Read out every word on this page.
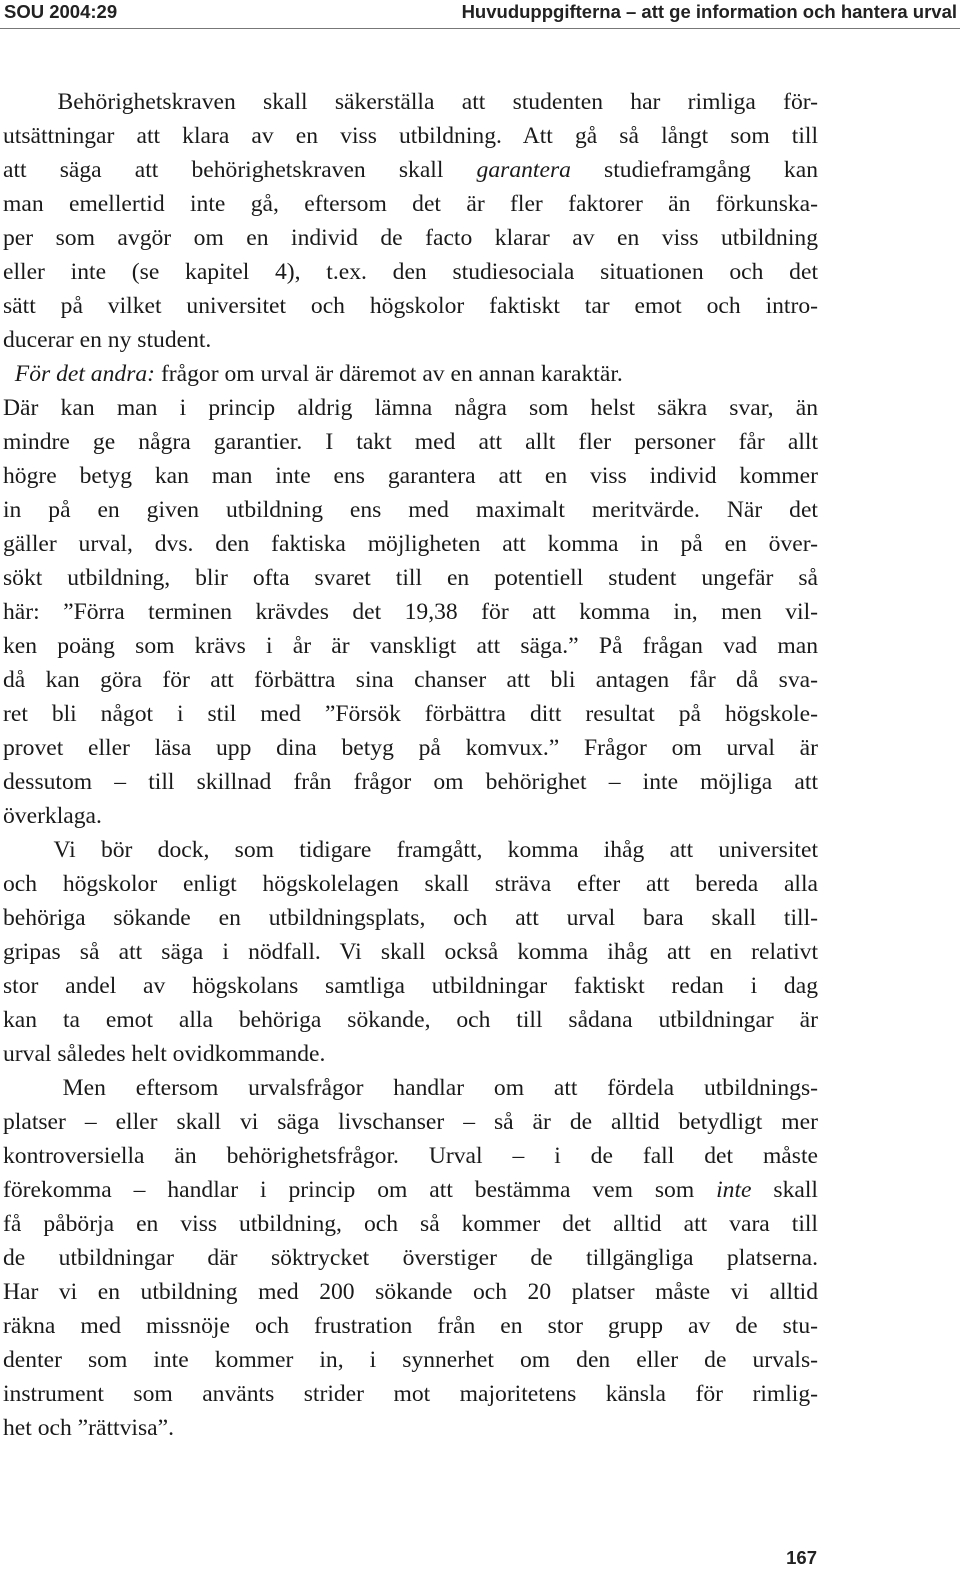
SOU 2004:29	Huvuduppgifterna – att ge information och hantera urval
Behörighetskraven skall säkerställa att studenten har rimliga för-
utsättningar att klara av en viss utbildning. Att gå så långt som till
att säga att behörighetskraven skall garantera studieframgång kan
man emellertid inte gå, eftersom det är fler faktorer än förkunska-
per som avgör om en individ de facto klarar av en viss utbildning
eller inte (se kapitel 4), t.ex. den studiesociala situationen och det
sätt på vilket universitet och högskolor faktiskt tar emot och intro-
ducerar en ny student.
För det andra: frågor om urval är däremot av en annan karaktär.
Där kan man i princip aldrig lämna några som helst säkra svar, än
mindre ge några garantier. I takt med att allt fler personer får allt
högre betyg kan man inte ens garantera att en viss individ kommer
in på en given utbildning ens med maximalt meritvärde. När det
gäller urval, dvs. den faktiska möjligheten att komma in på en över-
sökt utbildning, blir ofta svaret till en potentiell student ungefär så
här: ”Förra terminen krävdes det 19,38 för att komma in, men vil-
ken poäng som krävs i år är vanskligt att säga.” På frågan vad man
då kan göra för att förbättra sina chanser att bli antagen får då sva-
ret bli något i stil med ”Försök förbättra ditt resultat på högskole-
provet eller läsa upp dina betyg på komvux.” Frågor om urval är
dessutom – till skillnad från frågor om behörighet – inte möjliga att
överklaga.
Vi bör dock, som tidigare framgått, komma ihåg att universitet
och högskolor enligt högskolelagen skall sträva efter att bereda alla
behöriga sökande en utbildningsplats, och att urval bara skall till-
gripas så att säga i nödfall. Vi skall också komma ihåg att en relativt
stor andel av högskolans samtliga utbildningar faktiskt redan i dag
kan ta emot alla behöriga sökande, och till sådana utbildningar är
urval således helt ovidkommande.
Men eftersom urvalsfrågor handlar om att fördela utbildnings-
platser – eller skall vi säga livschanser – så är de alltid betydligt mer
kontroversiella än behörighetsfrågor. Urval – i de fall det måste
förekomma – handlar i princip om att bestämma vem som inte skall
få påbörja en viss utbildning, och så kommer det alltid att vara till
de utbildningar där söktrycket överstiger de tillgängliga platserna.
Har vi en utbildning med 200 sökande och 20 platser måste vi alltid
räkna med missnöje och frustration från en stor grupp av de stu-
denter som inte kommer in, i synnerhet om den eller de urvals-
instrument som använts strider mot majoritetens känsla för rimlig-
het och ”rättvisa”.
167
